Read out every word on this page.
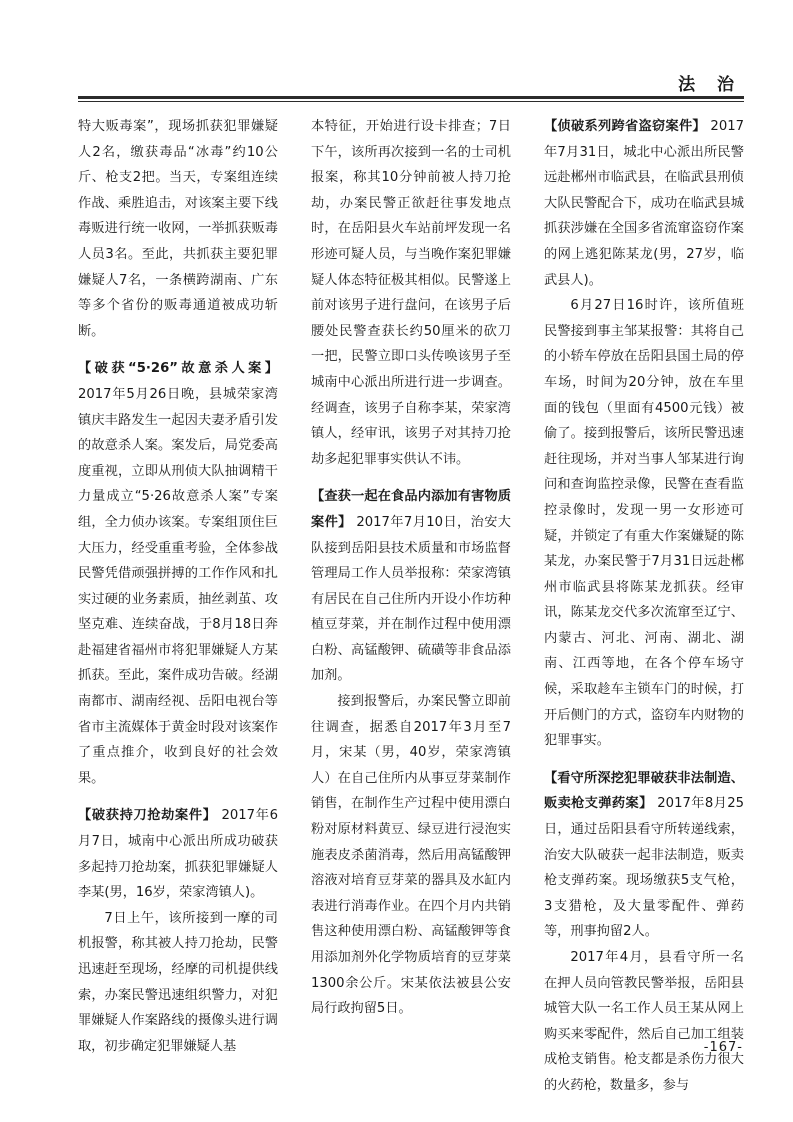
法 治

特大贩毒案”，现场抓获犯罪嫌疑人2名，缴获毒品“冰毒”约10公斤、枪支2把。当天，专案组连续作战、乘胜追击，对该案主要下线毒贩进行统一收网，一举抓获贩毒人员3名。至此，共抓获主要犯罪嫌疑人7名，一条横跨湖南、广东等多个省份的贩毒通道被成功斩断。

【破获“5·26”故意杀人案】 2017年5月26日晚，县城荣家湾镇庆丰路发生一起因夫妻矛盾引发的故意杀人案。案发后，局党委高度重视，立即从刑侦大队抽调精干力量成立“5·26故意杀人案”专案组，全力侦办该案。专案组顶住巨大压力，经受重重考验，全体参战民警凭借顽强拼搏的工作作风和扎实过硬的业务素质，抽丝剥茧、攻坚克难、连续奋战，于8月18日奔赴福建省福州市将犯罪嫌疑人方某抓获。至此，案件成功告破。经湖南都市、湖南经视、岳阳电视台等省市主流媒体于黄金时段对该案作了重点推介，收到良好的社会效果。

【破获持刀抢劫案件】 2017年6月7日，城南中心派出所成功破获多起持刀抢劫案，抓获犯罪嫌疑人李某(男，16岁，荣家湾镇人)。

7日上午，该所接到一摩的司机报警，称其被人持刀抢劫，民警迅速赶至现场，经摩的司机提供线索，办案民警迅速组织警力，对犯罪嫌疑人作案路线的摄像头进行调取，初步确定犯罪嫌疑人基

本特征，开始进行设卡排查；7日下午，该所再次接到一名的士司机报案，称其10分钟前被人持刀抢劫，办案民警正欲赶往事发地点时，在岳阳县火车站前坪发现一名形迹可疑人员，与当晚作案犯罪嫌疑人体态特征极其相似。民警遂上前对该男子进行盘问，在该男子后腰处民警查获长约50厘米的砍刀一把，民警立即口头传唤该男子至城南中心派出所进行进一步调查。经调查，该男子自称李某，荣家湾镇人，经审讯，该男子对其持刀抢劫多起犯罪事实供认不讳。

【查获一起在食品内添加有害物质案件】 2017年7月10日，治安大队接到岳阳县技术质量和市场监督管理局工作人员举报称：荣家湾镇有居民在自己住所内开设小作坊种植豆芽菜，并在制作过程中使用漂白粉、高锰酸钾、硫磺等非食品添加剂。

接到报警后，办案民警立即前往调查，据悉自2017年3月至7月，宋某（男，40岁，荣家湾镇人）在自己住所内从事豆芽菜制作销售，在制作生产过程中使用漂白粉对原材料黄豆、绿豆进行浸泡实施表皮杀菌消毒，然后用高锰酸钾溶液对培育豆芽菜的器具及水缸内表进行消毒作业。在四个月内共销售这种使用漂白粉、高锰酸钾等食用添加剂外化学物质培育的豆芽菜1300余公斤。宋某依法被县公安局行政拘留5日。

【侦破系列跨省盗窃案件】 2017年7月31日，城北中心派出所民警远赴郴州市临武县，在临武县刑侦大队民警配合下，成功在临武县城抓获涉嫌在全国多省流窜盗窃作案的网上逃犯陈某龙(男，27岁，临武县人)。

6月27日16时许，该所值班民警接到事主邹某报警：其将自己的小轿车停放在岳阳县国土局的停车场，时间为20分钟，放在车里面的钱包（里面有4500元钱）被偷了。接到报警后，该所民警迅速赶往现场，并对当事人邹某进行询问和查询监控录像，民警在查看监控录像时，发现一男一女形迹可疑，并锁定了有重大作案嫌疑的陈某龙，办案民警于7月31日远赴郴州市临武县将陈某龙抓获。经审讯，陈某龙交代多次流窜至辽宁、内蒙古、河北、河南、湖北、湖南、江西等地，在各个停车场守候，采取趁车主锁车门的时候，打开后侧门的方式，盗窃车内财物的犯罪事实。

【看守所深挖犯罪破获非法制造、贩卖枪支弹药案】 2017年8月25日，通过岳阳县看守所转递线索，治安大队破获一起非法制造，贩卖枪支弹药案。现场缴获5支气枪，3支猎枪，及大量零配件、弹药等，刑事拘留2人。

2017年4月，县看守所一名在押人员向管教民警举报，岳阳县城管大队一名工作人员王某从网上购买来零配件，然后自己加工组装成枪支销售。枪支都是杀伤力很大的火药枪，数量多，参与

-167-
